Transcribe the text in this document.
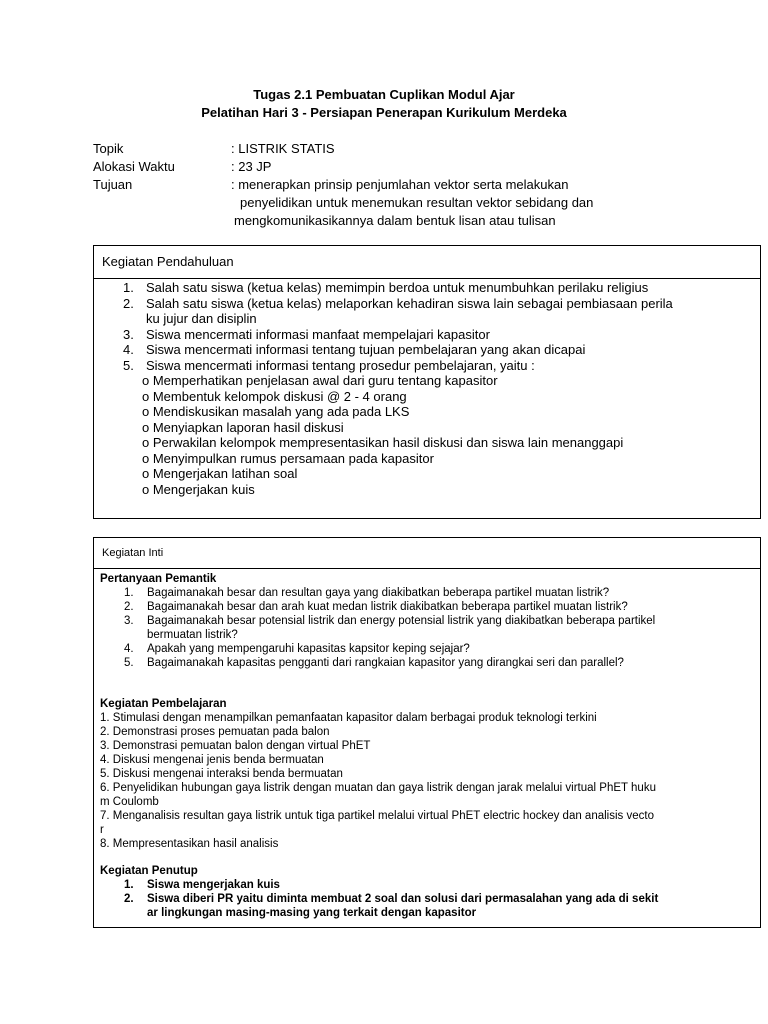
Tugas 2.1 Pembuatan Cuplikan Modul Ajar
Pelatihan Hari 3 - Persiapan Penerapan Kurikulum Merdeka
Topik	: LISTRIK STATIS
Alokasi Waktu	: 23 JP
Tujuan	: menerapkan prinsip penjumlahan vektor serta melakukan
penyelidikan untuk menemukan resultan vektor sebidang dan
mengkomunikasikannya dalam bentuk lisan atau tulisan
Kegiatan Pendahuluan
1. Salah satu siswa (ketua kelas) memimpin berdoa untuk menumbuhkan perilaku religius
2. Salah satu siswa (ketua kelas) melaporkan kehadiran siswa lain sebagai pembiasaan perila
ku jujur dan disiplin
3. Siswa mencermati informasi manfaat mempelajari kapasitor
4. Siswa mencermati informasi tentang tujuan pembelajaran yang akan dicapai
5. Siswa mencermati informasi tentang prosedur pembelajaran, yaitu :
o Memperhatikan penjelasan awal dari guru tentang kapasitor
o Membentuk kelompok diskusi @ 2 - 4 orang
o Mendiskusikan masalah yang ada pada LKS
o Menyiapkan laporan hasil diskusi
o Perwakilan kelompok mempresentasikan hasil diskusi dan siswa lain menanggapi
o Menyimpulkan rumus persamaan pada kapasitor
o Mengerjakan latihan soal
o Mengerjakan kuis
Kegiatan Inti
Pertanyaan Pemantik
1. Bagaimanakah besar dan resultan gaya yang diakibatkan beberapa partikel muatan listrik?
2. Bagaimanakah besar dan arah kuat medan listrik diakibatkan beberapa partikel muatan listrik?
3. Bagaimanakah besar potensial listrik dan energy potensial listrik yang diakibatkan beberapa partikel
bermuatan listrik?
4. Apakah yang mempengaruhi kapasitas kapsitor keping sejajar?
5. Bagaimanakah kapasitas pengganti dari rangkaian kapasitor yang dirangkai seri dan parallel?
Kegiatan Pembelajaran
1. Stimulasi dengan menampilkan pemanfaatan kapasitor dalam berbagai produk teknologi terkini
2. Demonstrasi proses pemuatan pada balon
3. Demonstrasi pemuatan balon dengan virtual PhET
4. Diskusi mengenai jenis benda bermuatan
5. Diskusi mengenai interaksi benda bermuatan
6. Penyelidikan hubungan gaya listrik dengan muatan dan gaya listrik dengan jarak melalui virtual PhET huku
m Coulomb
7. Menganalisis resultan gaya listrik untuk tiga partikel melalui virtual PhET electric hockey dan analisis vecto
r
8. Mempresentasikan hasil analisis
Kegiatan Penutup
1. Siswa mengerjakan kuis
2. Siswa diberi PR yaitu diminta membuat 2 soal dan solusi dari permasalahan yang ada di sekit
ar lingkungan masing-masing yang terkait dengan kapasitor
